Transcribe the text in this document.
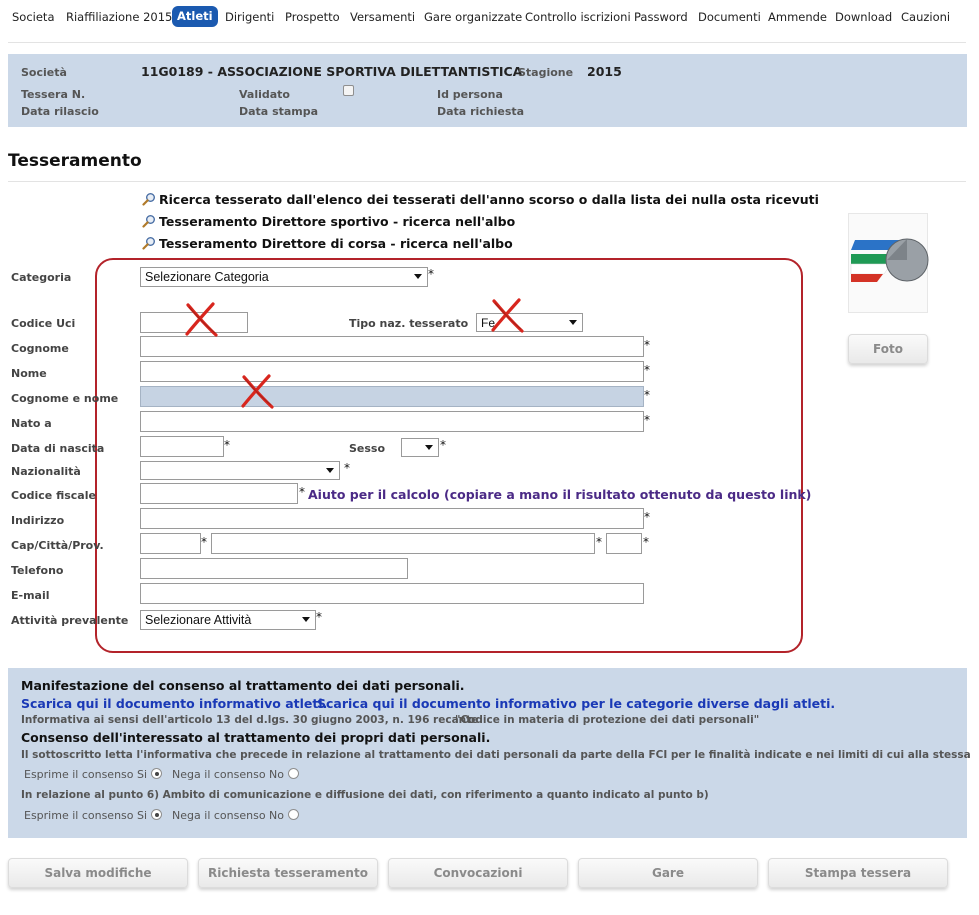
Societa Riaffiliazione 2015 Atleti	Dirigenti Prospetto Versamenti Gare organizzate Controllo iscrizioni Password Documenti Ammende Download Cauzioni
Società	11G0189 - ASSOCIAZIONE SPORTIVA DILETTANTISTICA
Stagione 2015
Tessera N.	Validato	Id persona
Data rilascio	Data stampa	Data richiesta
Tesseramento
Ricerca tesserato dall'elenco dei tesserati dell'anno scorso o dalla lista dei nulla osta ricevuti
Tesseramento Direttore sportivo - ricerca nell'albo
Tesseramento Direttore di corsa - ricerca nell'albo
Categoria	Selezionare Categoria	*
Codice Uci	Tipo naz. tesserato	Fe
Cognome	*
Nome	*
Cognome e nome	*
Nato a	*
Data di nascita	*	Sesso	*
Nazionalità	*
Codice fiscale	* Aiuto per il calcolo (copiare a mano il risultato ottenuto da questo link)
Indirizzo	*
Cap/Città/Prov.	*	*	*
Telefono
E-mail
Attività prevalente	Selezionare Attività	*
Foto
Manifestazione del consenso al trattamento dei dati personali.
Scarica qui il documento informativo atleti.
Scarica qui il documento informativo per le categorie diverse dagli atleti.
Informativa ai sensi dell'articolo 13 del d.lgs. 30 giugno 2003, n. 196 recante
"Codice in materia di protezione dei dati personali"
Consenso dell'interessato al trattamento dei propri dati personali.
Il sottoscritto letta l'informativa che precede in relazione al trattamento dei dati personali da parte della FCI per le finalità indicate e nei limiti di cui alla stessa
Esprime il consenso Si Nega il consenso No
In relazione al punto 6) Ambito di comunicazione e diffusione dei dati, con riferimento a quanto indicato al punto b)
Esprime il consenso Si Nega il consenso No
Salva modifiche	Richiesta tesseramento	Convocazioni	Gare	Stampa tessera
